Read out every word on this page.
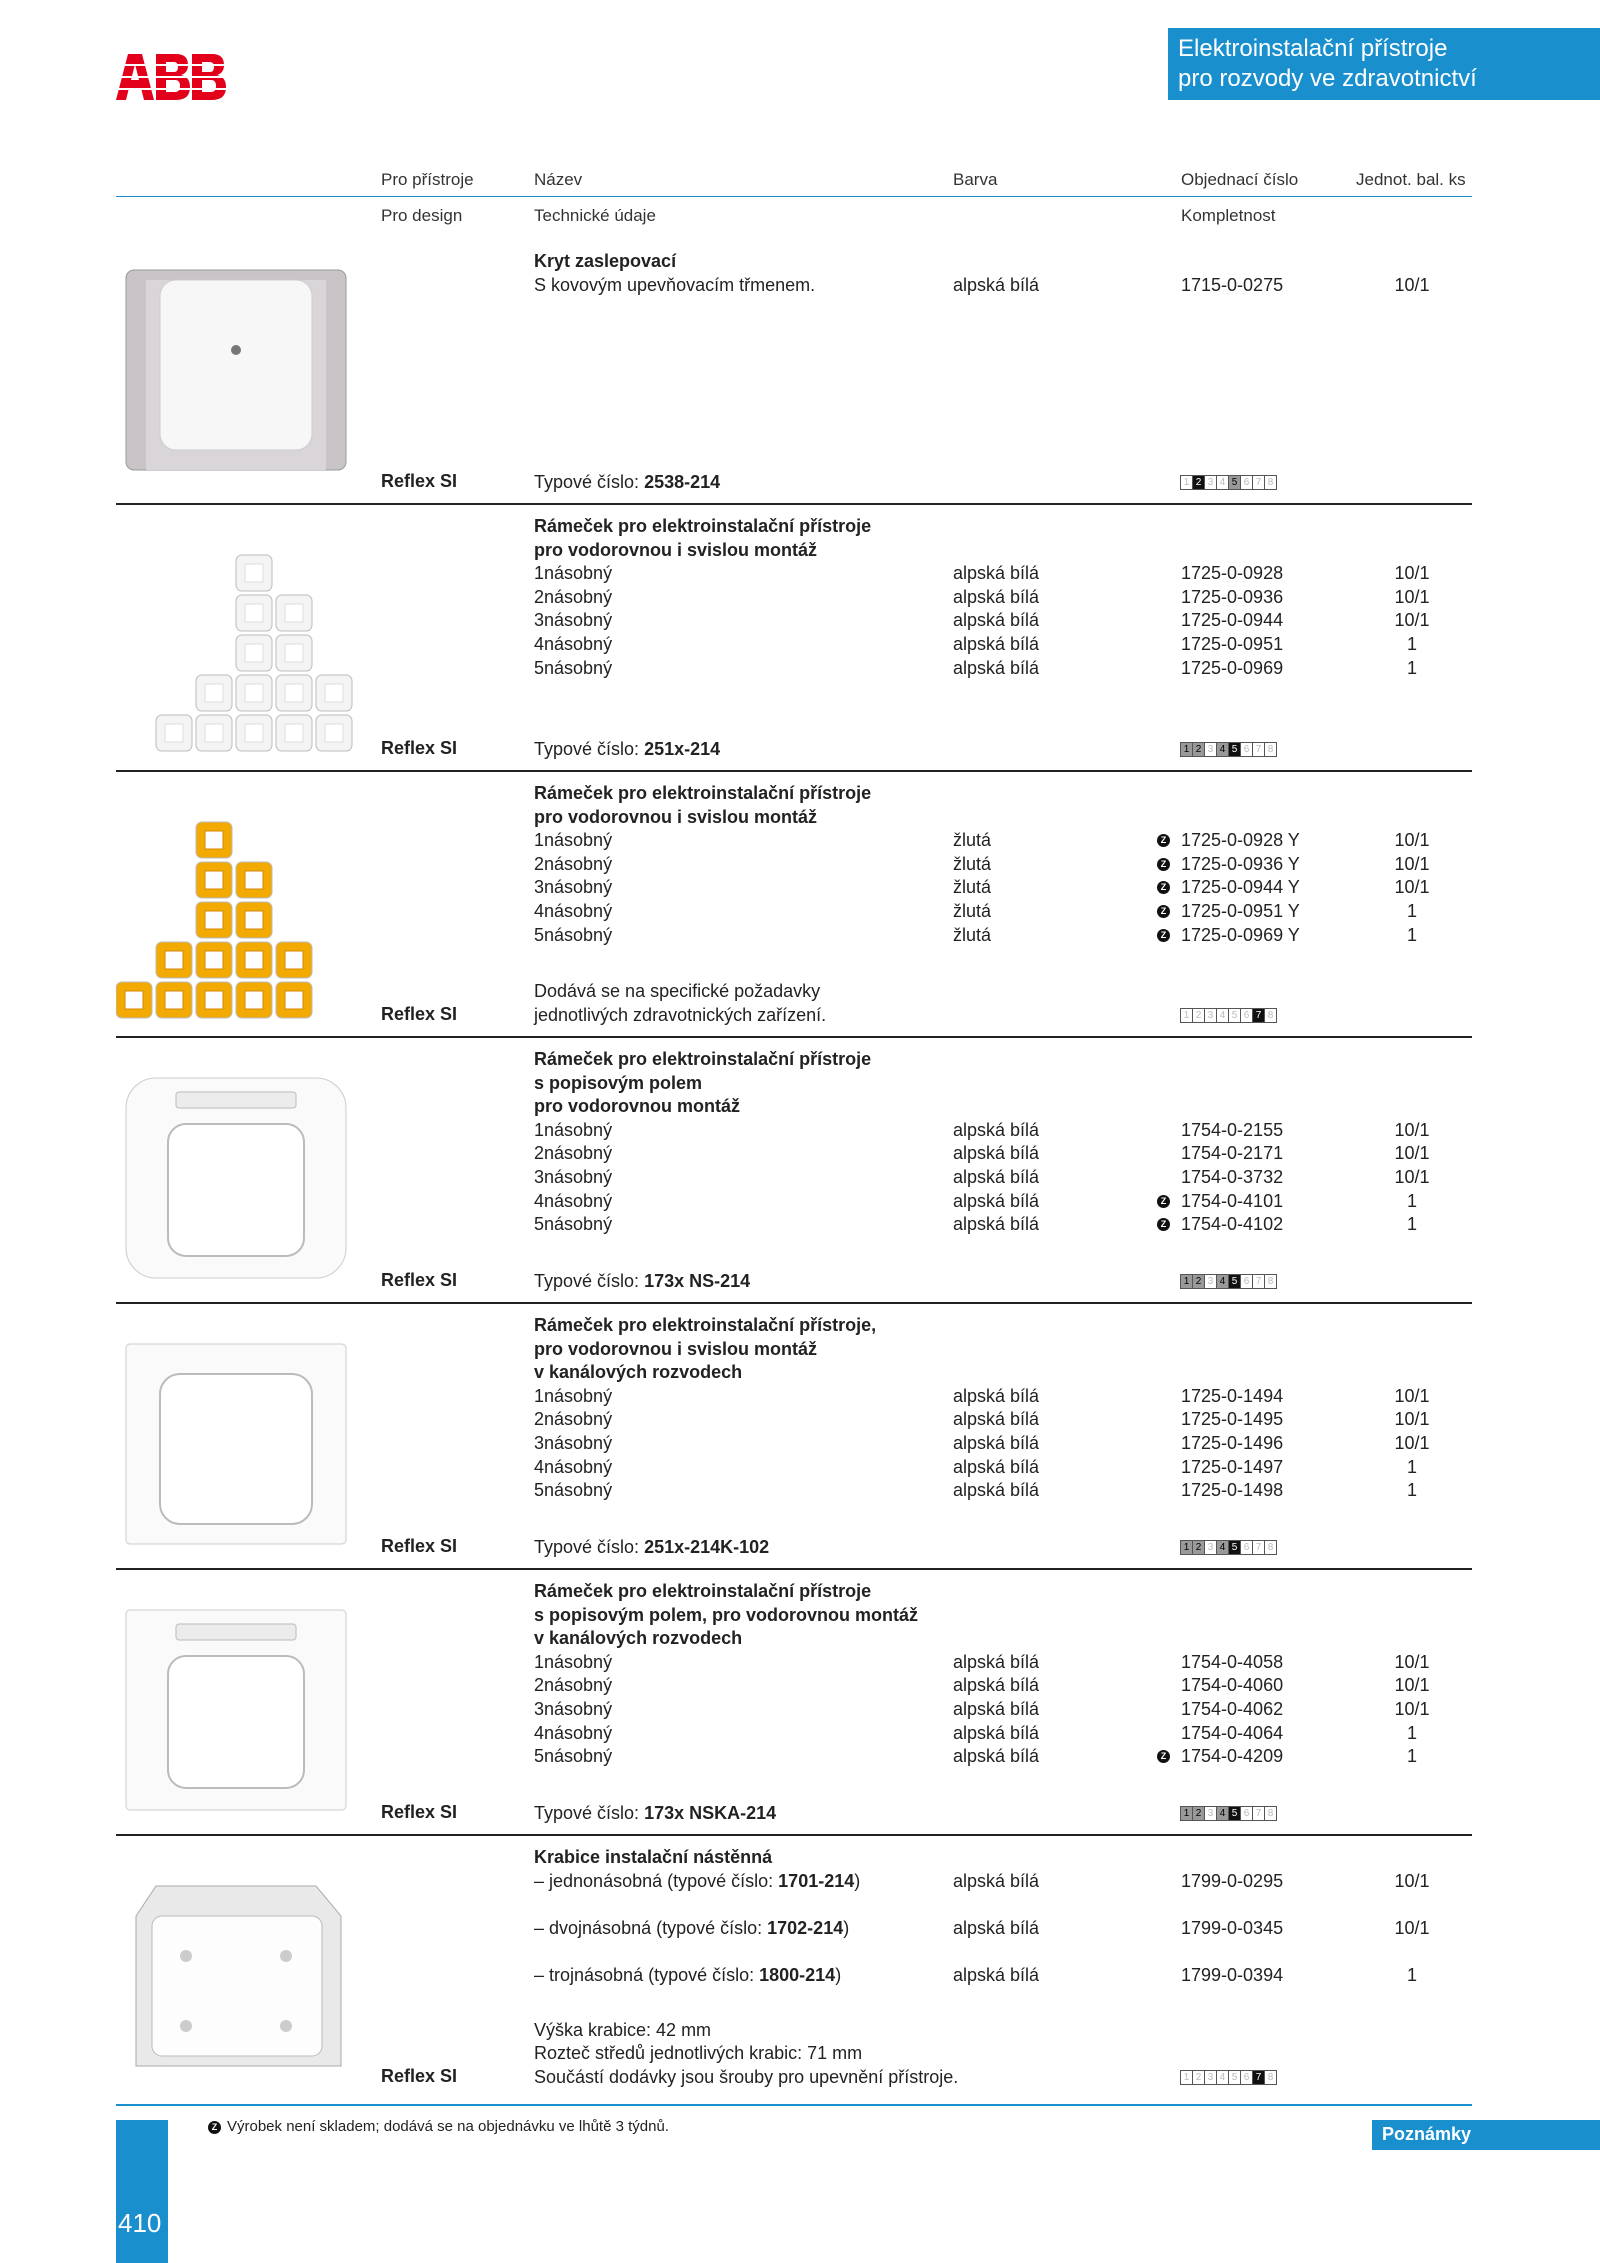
Elektroinstalační přístroje
pro rozvody ve zdravotnictví
Pro přístroje	Název	Barva	Objednací číslo	Jednot. bal. ks
Pro design	Technické údaje	Kompletnost
Kryt zaslepovací
S kovovým upevňovacím třmenem.	alpská bílá	1715-0-0275	10/1
Typové číslo: 2538-214
Reflex SI	1 2 3 4 5 6 7 8
Rámeček pro elektroinstalační přístroje
pro vodorovnou i svislou montáž
1násobný	alpská bílá	1725-0-0928	10/1
2násobný	alpská bílá	1725-0-0936	10/1
3násobný	alpská bílá	1725-0-0944	10/1
4násobný	alpská bílá	1725-0-0951	1
5násobný	alpská bílá	1725-0-0969	1
Typové číslo: 251x-214
Reflex SI	1 2 3 4 5 6 7 8
Rámeček pro elektroinstalační přístroje
pro vodorovnou i svislou montáž
1násobný	žlutá	Z 1725-0-0928 Y	10/1
2násobný	žlutá	Z 1725-0-0936 Y	10/1
3násobný	žlutá	Z 1725-0-0944 Y	10/1
4násobný	žlutá	Z 1725-0-0951 Y	1
5násobný	žlutá	Z 1725-0-0969 Y	1
Dodává se na specifické požadavky
jednotlivých zdravotnických zařízení.
Reflex SI	1 2 3 4 5 6 7 8
Rámeček pro elektroinstalační přístroje
s popisovým polem
pro vodorovnou montáž
1násobný	alpská bílá	1754-0-2155	10/1
2násobný	alpská bílá	1754-0-2171	10/1
3násobný	alpská bílá	1754-0-3732	10/1
4násobný	alpská bílá	Z 1754-0-4101	1
5násobný	alpská bílá	Z 1754-0-4102	1
Typové číslo: 173x NS-214
Reflex SI	1 2 3 4 5 6 7 8
Rámeček pro elektroinstalační přístroje,
pro vodorovnou i svislou montáž
v kanálových rozvodech
1násobný	alpská bílá	1725-0-1494	10/1
2násobný	alpská bílá	1725-0-1495	10/1
3násobný	alpská bílá	1725-0-1496	10/1
4násobný	alpská bílá	1725-0-1497	1
5násobný	alpská bílá	1725-0-1498	1
Typové číslo: 251x-214K-102
Reflex SI	1 2 3 4 5 6 7 8
Rámeček pro elektroinstalační přístroje
s popisovým polem, pro vodorovnou montáž
v kanálových rozvodech
1násobný	alpská bílá	1754-0-4058	10/1
2násobný	alpská bílá	1754-0-4060	10/1
3násobný	alpská bílá	1754-0-4062	10/1
4násobný	alpská bílá	1754-0-4064	1
5násobný	alpská bílá	Z 1754-0-4209	1
Typové číslo: 173x NSKA-214
Reflex SI	1 2 3 4 5 6 7 8
Krabice instalační nástěnná
– jednonásobná (typové číslo: 1701-214)	alpská bílá	1799-0-0295	10/1
– dvojnásobná (typové číslo: 1702-214)	alpská bílá	1799-0-0345	10/1
– trojnásobná (typové číslo: 1800-214)	alpská bílá	1799-0-0394	1
Výška krabice: 42 mm
Rozteč středů jednotlivých krabic: 71 mm
Součástí dodávky jsou šrouby pro upevnění přístroje.
Reflex SI	1 2 3 4 5 6 7 8
Z Výrobek není skladem; dodává se na objednávku ve lhůtě 3 týdnů.	Poznámky
410
